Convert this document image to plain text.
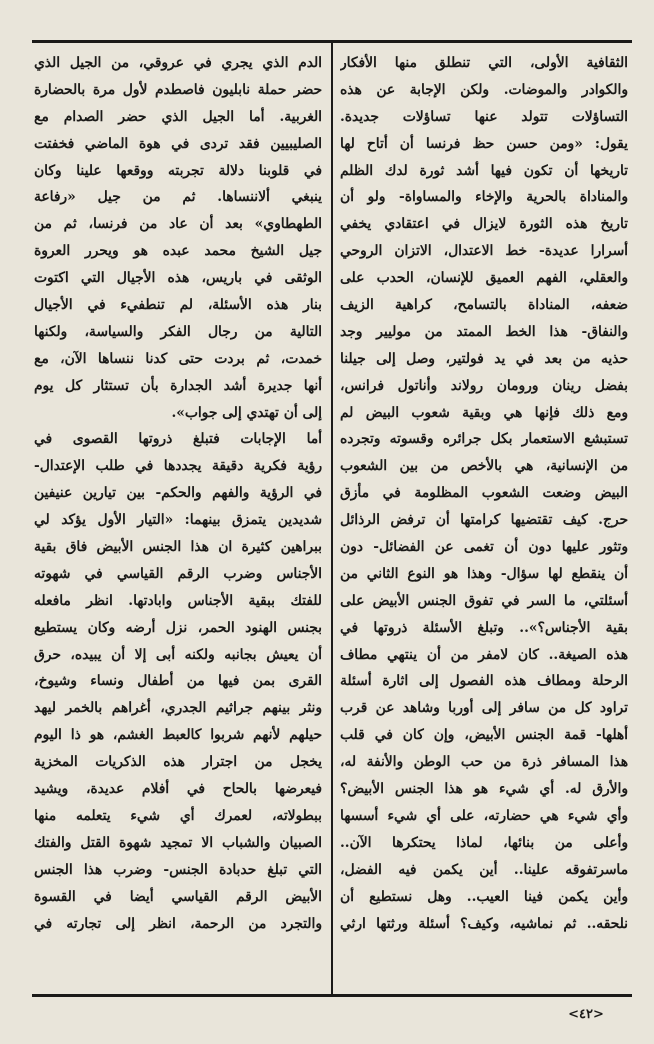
الثقافية الأولى، التي تنطلق منها الأفكار
والكوادر والموضات. ولكن الإجابة عن هذه
التساؤلات تتولد عنها تساؤلات جديدة.
يقول: «ومن حسن حظ فرنسا أن أتاح لها
تاريخها أن تكون فيها أشد ثورة لدك الظلم
والمناداة بالحرية والإخاء والمساواة- ولو أن
تاريخ هذه الثورة لايزال في اعتقادي يخفي
أسرارا عديدة- خط الاعتدال، الاتزان الروحي
والعقلي، الفهم العميق للإنسان، الحدب على
ضعفه، المناداة بالتسامح، كراهية الزيف
والنفاق- هذا الخط الممتد من موليير وجد
حذيه من بعد في يد فولتير، وصل إلى جيلنا
بفضل رينان ورومان رولاند وأناتول فرانس،
ومع ذلك فإنها هي وبقية شعوب البيض لم
تستبشع الاستعمار بكل جرائره وقسوته وتجرده
من الإنسانية، هي بالأخص من بين الشعوب
البيض وضعت الشعوب المظلومة في مأزق
حرج. كيف تقتضيها كرامتها أن ترفض الرذائل
وتثور عليها دون أن تغمى عن الفضائل- دون
أن ينقطع لها سؤال- وهذا هو النوع الثاني من
أسئلتي، ما السر في تفوق الجنس الأبيض على
بقية الأجناس؟».. وتبلغ الأسئلة ذروتها في
هذه الصيغة.. كان لامفر من أن ينتهي مطاف
الرحلة ومطاف هذه الفصول إلى اثارة أسئلة
تراود كل من سافر إلى أوربا وشاهد عن قرب
أهلها- قمة الجنس الأبيض، وإن كان في قلب
هذا المسافر ذرة من حب الوطن والأنفة له،
والأرق له. أي شيء هو هذا الجنس الأبيض؟
وأي شيء هي حضارته، على أي شيء أسسها
وأعلى من بنائها، لماذا يحتكرها الآن..
ماسرتفوقه علينا.. أين يكمن فيه الفضل،
وأين يكمن فينا العيب.. وهل نستطيع أن
نلحقه.. ثم نماشيه، وكيف؟ أسئلة ورثتها ارثي
الدم الذي يجري في عروقي، من الجيل الذي
حضر حملة نابليون فاصطدم لأول مرة بالحضارة
الغربية. أما الجيل الذي حضر الصدام مع
الصليبيين فقد تردى في هوة الماضي فخفتت
في قلوبنا دلالة تجربته ووقعها علينا وكان
ينبغي ألاننساها. ثم من جيل «رفاعة
الطهطاوي» بعد أن عاد من فرنسا، ثم من
جيل الشيخ محمد عبده هو ويحرر العروة
الوثقى في باريس، هذه الأجيال التي اكتوت
بنار هذه الأسئلة، لم تنطفيء في الأجيال
التالية من رجال الفكر والسياسة، ولكنها
خمدت، ثم بردت حتى كدنا ننساها الآن، مع
أنها جديرة أشد الجدارة بأن تستثار كل يوم
إلى أن تهتدي إلى جواب».
أما الإجابات فتبلغ ذروتها القصوى في
رؤية فكرية دقيقة يجددها في طلب الإعتدال-
في الرؤية والفهم والحكم- بين تيارين عنيفين
شديدين يتمزق بينهما: «التيار الأول يؤكد لي
ببراهين كثيرة ان هذا الجنس الأبيض فاق بقية
الأجناس وضرب الرقم القياسي في شهوته
للفتك ببقية الأجناس وابادتها. انظر مافعله
بجنس الهنود الحمر، نزل أرضه وكان يستطيع
أن يعيش بجانبه ولكنه أبى إلا أن يبيده، حرق
القرى بمن فيها من أطفال ونساء وشيوخ،
ونثر بينهم جراثيم الجدري، أغراهم بالخمر ليهد
حيلهم لأنهم شربوا كالعبط الغشم، هو ذا اليوم
يخجل من اجترار هذه الذكريات المخزية
فيعرضها بالحاح في أفلام عديدة، ويشيد
ببطولاته، لعمرك أي شيء يتعلمه منها
الصبيان والشباب الا تمجيد شهوة القتل والفتك
التي تبلغ حدبادة الجنس- وضرب هذا الجنس
الأبيض الرقم القياسي أيضا في القسوة
والتجرد من الرحمة، انظر إلى تجارته في
<٤٢>
